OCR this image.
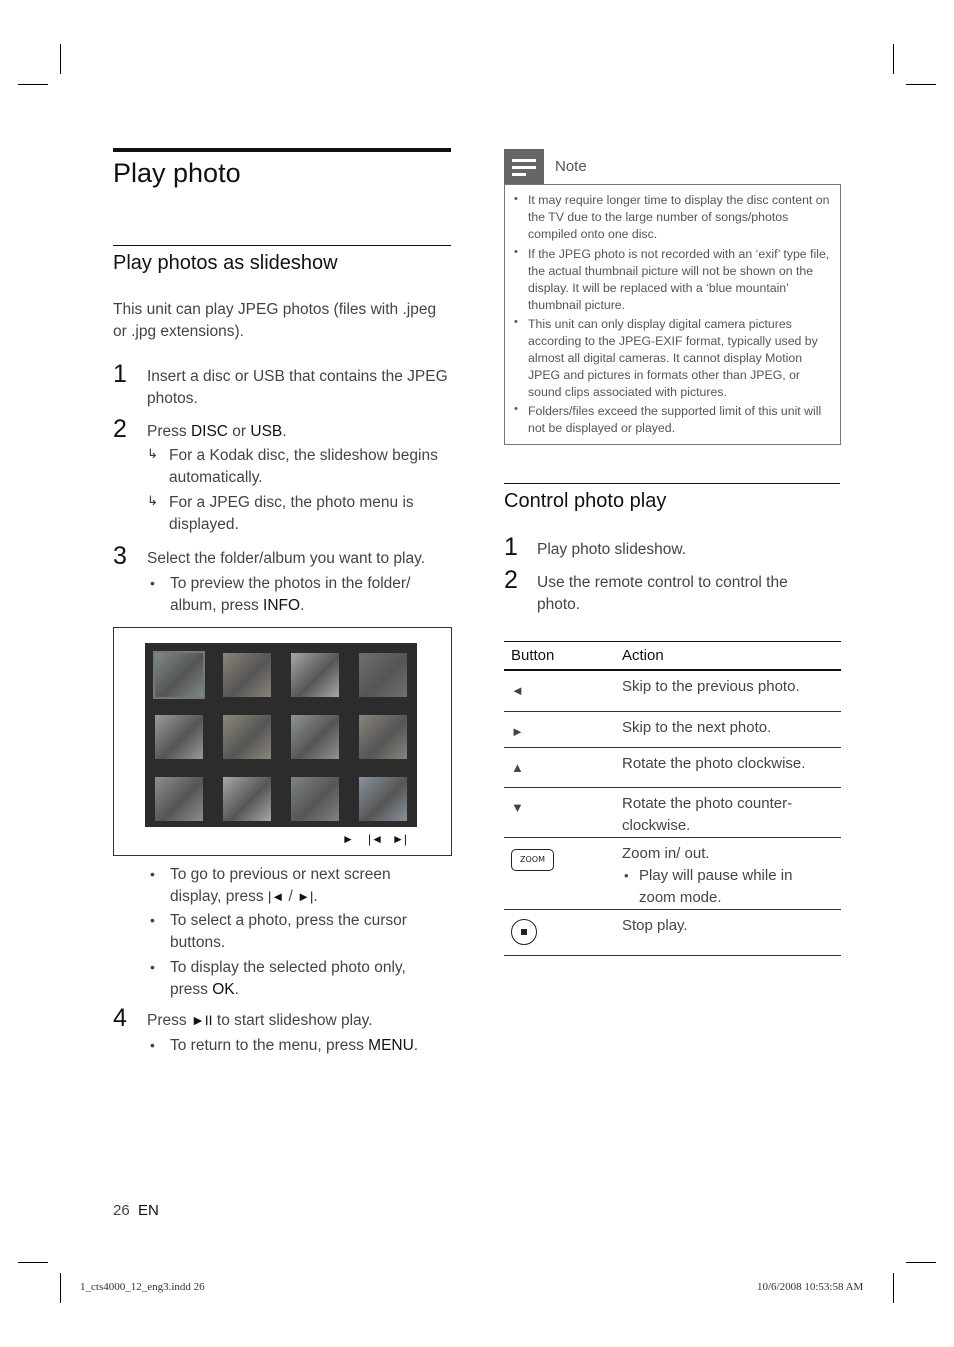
Play photo
Play photos as slideshow
This unit can play JPEG photos (files with .jpeg or .jpg extensions).
1 Insert a disc or USB that contains the JPEG photos.
2 Press DISC or USB.
↳ For a Kodak disc, the slideshow begins
automatically.
↳ For a JPEG disc, the photo menu is
displayed.
3 Select the folder/album you want to play.
• To preview the photos in the folder/
album, press INFO.
► |◄ ►|
• To go to previous or next screen
display, press |◄ / ►|.
• To select a photo, press the cursor
buttons.
• To display the selected photo only,
press OK.
4 Press ►II to start slideshow play.
• To return to the menu, press MENU.
Note
• It may require longer time to display the disc content on the TV due to the large number of songs/photos compiled onto one disc.
• If the JPEG photo is not recorded with an ‘exif’ type file, the actual thumbnail picture will not be shown on the display. It will be replaced with a ‘blue mountain’ thumbnail picture.
• This unit can only display digital camera pictures according to the JPEG-EXIF format, typically used by almost all digital cameras. It cannot display Motion JPEG and pictures in formats other than JPEG, or sound clips associated with pictures.
• Folders/files exceed the supported limit of this unit will not be displayed or played.
Control photo play
1 Play photo slideshow.
2 Use the remote control to control the
photo.
Button	Action
◄	Skip to the previous photo.
►	Skip to the next photo.
▲	Rotate the photo clockwise.
▼	Rotate the photo counter-
clockwise.

ZOOM	Zoom in/ out.
• Play will pause while in
zoom mode.

	Stop play.
26 EN
1_cts4000_12_eng3.indd 26	10/6/2008 10:53:58 AM
